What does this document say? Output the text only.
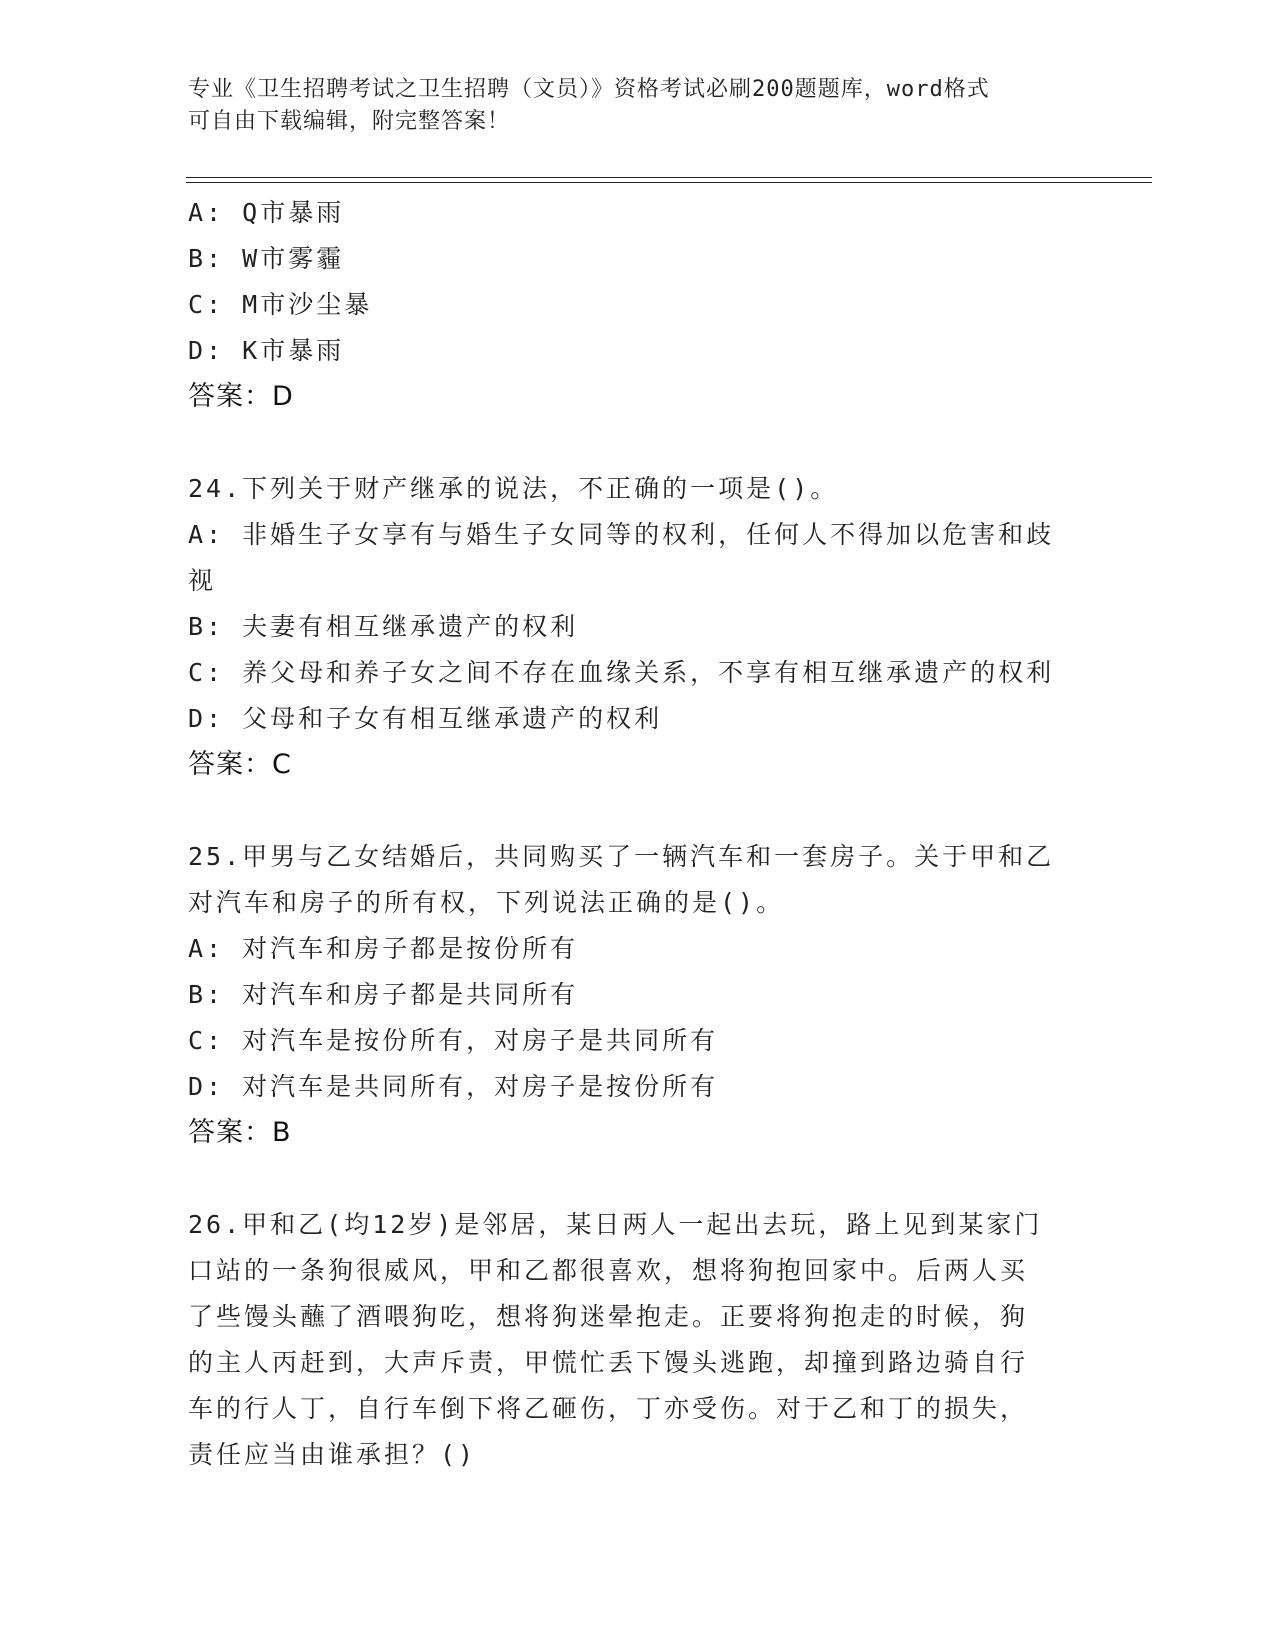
专业《卫生招聘考试之卫生招聘（文员）》资格考试必刷200题题库，word格式
可自由下载编辑，附完整答案！
A: Q市暴雨
B: W市雾霾
C: M市沙尘暴
D: K市暴雨
答案：D
24.下列关于财产继承的说法，不正确的一项是()。
A: 非婚生子女享有与婚生子女同等的权利，任何人不得加以危害和歧
视
B: 夫妻有相互继承遗产的权利
C: 养父母和养子女之间不存在血缘关系，不享有相互继承遗产的权利
D: 父母和子女有相互继承遗产的权利
答案：C
25.甲男与乙女结婚后，共同购买了一辆汽车和一套房子。关于甲和乙
对汽车和房子的所有权，下列说法正确的是()。
A: 对汽车和房子都是按份所有
B: 对汽车和房子都是共同所有
C: 对汽车是按份所有，对房子是共同所有
D: 对汽车是共同所有，对房子是按份所有
答案：B
26.甲和乙(均12岁)是邻居，某日两人一起出去玩，路上见到某家门
口站的一条狗很威风，甲和乙都很喜欢，想将狗抱回家中。后两人买
了些馒头蘸了酒喂狗吃，想将狗迷晕抱走。正要将狗抱走的时候，狗
的主人丙赶到，大声斥责，甲慌忙丢下馒头逃跑，却撞到路边骑自行
车的行人丁，自行车倒下将乙砸伤，丁亦受伤。对于乙和丁的损失，
责任应当由谁承担？()
